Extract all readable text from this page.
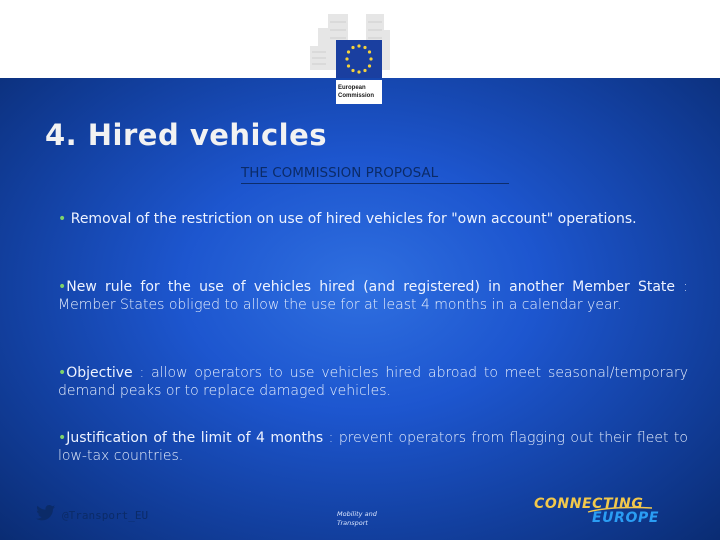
European
Commission
4. Hired vehicles
THE COMMISSION PROPOSAL

• Removal of the restriction on use of hired vehicles for "own account" operations.

•New rule for the use of vehicles hired (and registered) in another Member State : Member States obliged to allow the use for at least 4 months in a calendar year.

•Objective : allow operators to use vehicles hired abroad to meet seasonal/temporary demand peaks or to replace damaged vehicles.

•Justification of the limit of 4 months : prevent operators from flagging out their fleet to low-tax countries.

@Transport_EU	Mobility and
Transport
CONNECTING
EUROPE
